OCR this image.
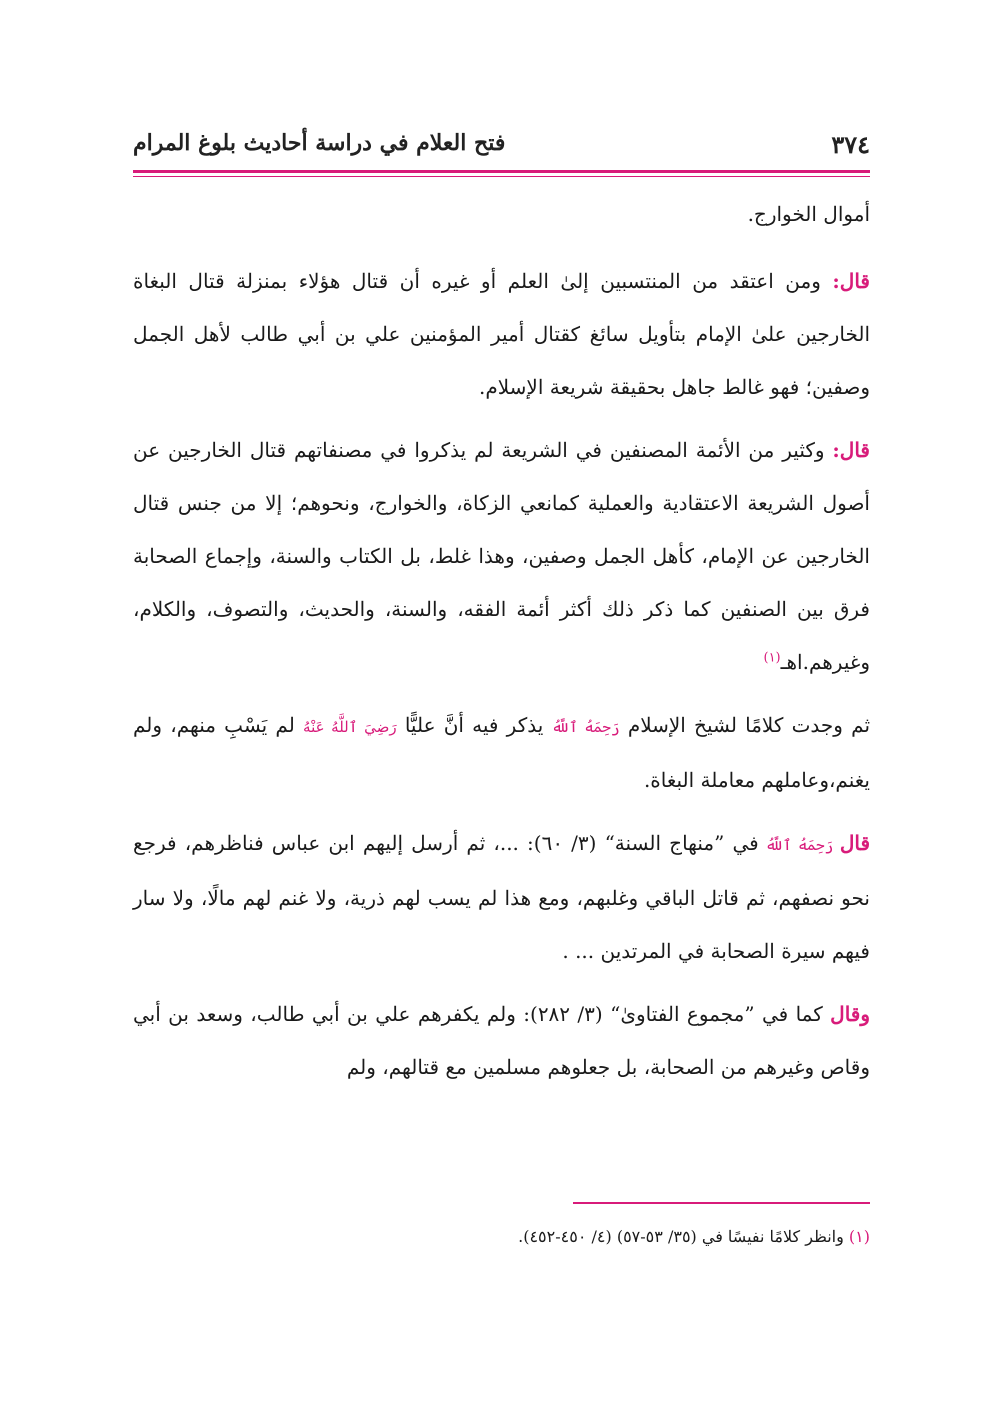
٣٧٤
فتح العلام في دراسة أحاديث بلوغ المرام

أموال الخوارج.

قال: ومن اعتقد من المنتسبين إلىٰ العلم أو غيره أن قتال هؤلاء بمنزلة قتال البغاة الخارجين علىٰ الإمام بتأويل سائغ كقتال أمير المؤمنين علي بن أبي طالب لأهل الجمل وصفين؛ فهو غالط جاهل بحقيقة شريعة الإسلام.

قال: وكثير من الأئمة المصنفين في الشريعة لم يذكروا في مصنفاتهم قتال الخارجين عن أصول الشريعة الاعتقادية والعملية كمانعي الزكاة، والخوارج، ونحوهم؛ إلا من جنس قتال الخارجين عن الإمام، كأهل الجمل وصفين، وهذا غلط، بل الكتاب والسنة، وإجماع الصحابة فرق بين الصنفين كما ذكر ذلك أكثر أئمة الفقه، والسنة، والحديث، والتصوف، والكلام، وغيرهم.اهـ$^{(١)}$

ثم وجدت كلامًا لشيخ الإسلام رَحِمَهُ ٱللَّهُ يذكر فيه أنَّ عليًّا رَضِيَ ٱللَّهُ عَنْهُ لم يَسْبِ منهم، ولم يغنم،وعاملهم معاملة البغاة.

قال رَحِمَهُ ٱللَّهُ في ”منهاج السنة“ (٣/ ٦٠): ...، ثم أرسل إليهم ابن عباس فناظرهم، فرجع نحو نصفهم، ثم قاتل الباقي وغلبهم، ومع هذا لم يسب لهم ذرية، ولا غنم لهم مالًا، ولا سار فيهم سيرة الصحابة في المرتدين ... .

وقال كما في ”مجموع الفتاوىٰ“ (٣/ ٢٨٢): ولم يكفرهم علي بن أبي طالب، وسعد بن أبي وقاص وغيرهم من الصحابة، بل جعلوهم مسلمين مع قتالهم، ولم

(١) وانظر كلامًا نفيسًا في (٣٥/ ٥٣-٥٧) (٤/ ٤٥٠-٤٥٢).
